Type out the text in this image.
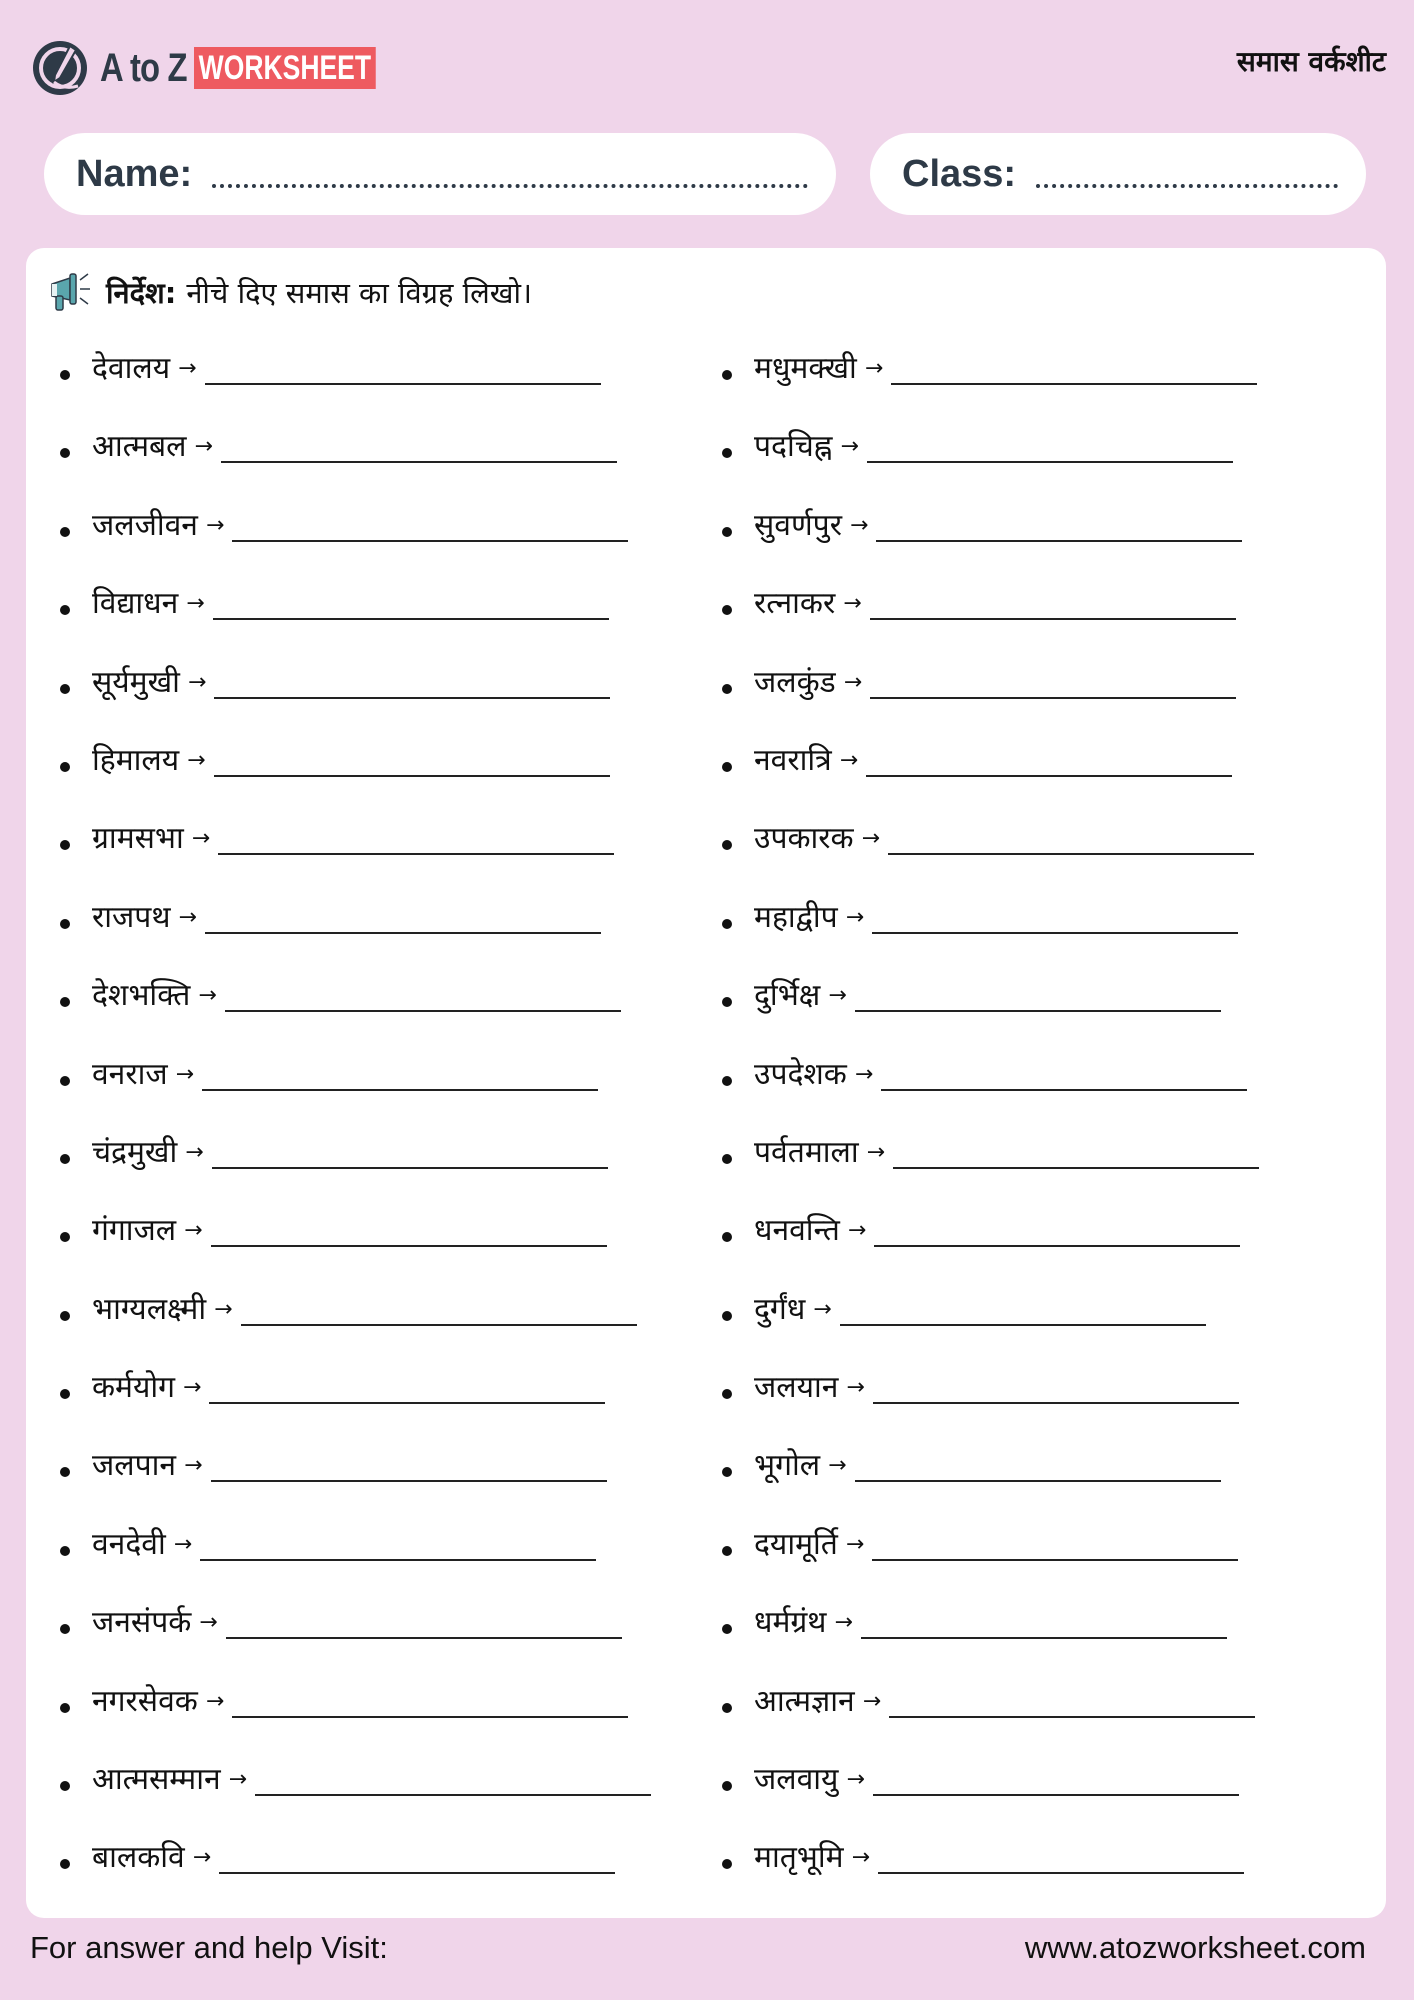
A to Z WORKSHEET	समास वर्कशीट
Name:	Class:
निर्देश: नीचे दिए समास का विग्रह लिखो।
देवालय →
आत्मबल →
जलजीवन →
विद्याधन →
सूर्यमुखी →
हिमालय →
ग्रामसभा →
राजपथ →
देशभक्ति →
वनराज →
चंद्रमुखी →
गंगाजल →
भाग्यलक्ष्मी →
कर्मयोग →
जलपान →
वनदेवी →
जनसंपर्क →
नगरसेवक →
आत्मसम्मान →
बालकवि →
मधुमक्खी →
पदचिह्न →
सुवर्णपुर →
रत्नाकर →
जलकुंड →
नवरात्रि →
उपकारक →
महाद्वीप →
दुर्भिक्ष →
उपदेशक →
पर्वतमाला →
धनवन्ति →
दुर्गंध →
जलयान →
भूगोल →
दयामूर्ति →
धर्मग्रंथ →
आत्मज्ञान →
जलवायु →
मातृभूमि →
For answer and help Visit:	www.atozworksheet.com
